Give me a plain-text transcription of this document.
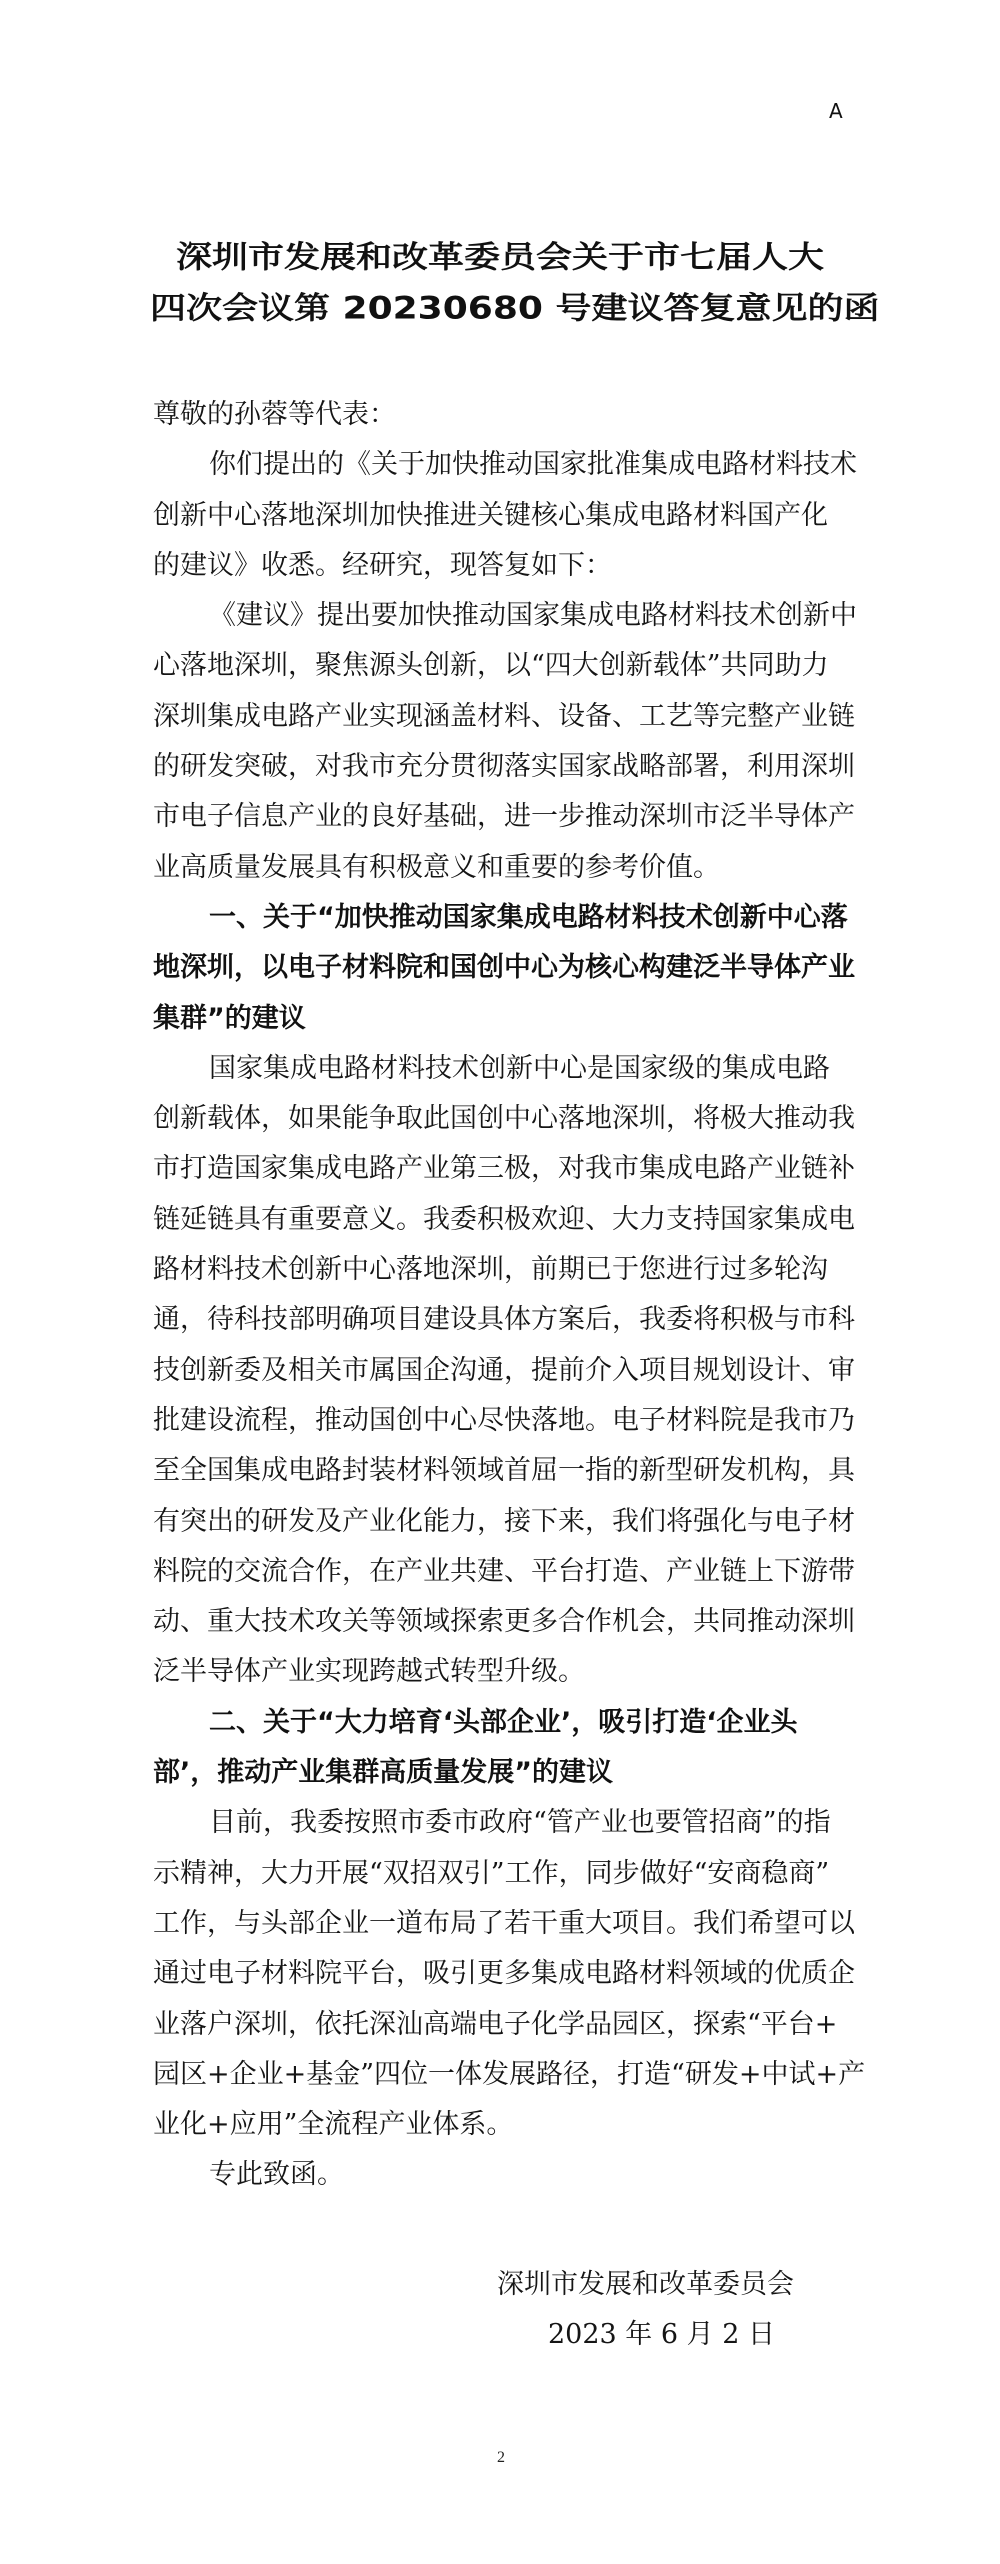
A
深圳市发展和改革委员会关于市七届人大
四次会议第 20230680 号建议答复意见的函
尊敬的孙蓉等代表：
你们提出的《关于加快推动国家批准集成电路材料技术
创新中心落地深圳加快推进关键核心集成电路材料国产化
的建议》收悉。经研究，现答复如下：
《建议》提出要加快推动国家集成电路材料技术创新中
心落地深圳，聚焦源头创新，以“四大创新载体”共同助力
深圳集成电路产业实现涵盖材料、设备、工艺等完整产业链
的研发突破，对我市充分贯彻落实国家战略部署，利用深圳
市电子信息产业的良好基础，进一步推动深圳市泛半导体产
业高质量发展具有积极意义和重要的参考价值。
一、关于“加快推动国家集成电路材料技术创新中心落
地深圳，以电子材料院和国创中心为核心构建泛半导体产业
集群”的建议
国家集成电路材料技术创新中心是国家级的集成电路
创新载体，如果能争取此国创中心落地深圳，将极大推动我
市打造国家集成电路产业第三极，对我市集成电路产业链补
链延链具有重要意义。我委积极欢迎、大力支持国家集成电
路材料技术创新中心落地深圳，前期已于您进行过多轮沟
通，待科技部明确项目建设具体方案后，我委将积极与市科
技创新委及相关市属国企沟通，提前介入项目规划设计、审
批建设流程，推动国创中心尽快落地。电子材料院是我市乃
至全国集成电路封装材料领域首屈一指的新型研发机构，具
有突出的研发及产业化能力，接下来，我们将强化与电子材
料院的交流合作，在产业共建、平台打造、产业链上下游带
动、重大技术攻关等领域探索更多合作机会，共同推动深圳
泛半导体产业实现跨越式转型升级。
二、关于“大力培育‘头部企业’，吸引打造‘企业头
部’，推动产业集群高质量发展”的建议
目前，我委按照市委市政府“管产业也要管招商”的指
示精神，大力开展“双招双引”工作，同步做好“安商稳商”
工作，与头部企业一道布局了若干重大项目。我们希望可以
通过电子材料院平台，吸引更多集成电路材料领域的优质企
业落户深圳，依托深汕高端电子化学品园区，探索“平台+
园区+企业+基金”四位一体发展路径，打造“研发+中试+产
业化+应用”全流程产业体系。
专此致函。
深圳市发展和改革委员会
2023 年 6 月 2 日
2
